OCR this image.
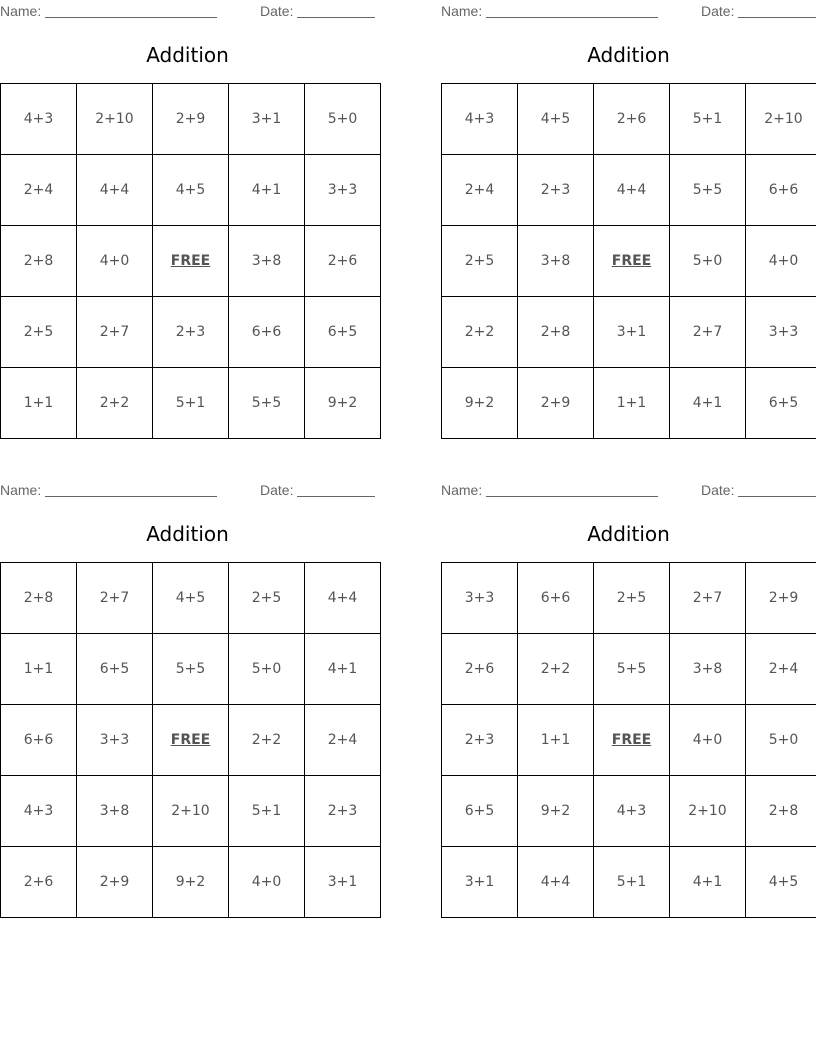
Name:	Date:
Addition
4+3	2+10	2+9	3+1	5+0
2+4	4+4	4+5	4+1	3+3
2+8	4+0	FREE	3+8	2+6
2+5	2+7	2+3	6+6	6+5
1+1	2+2	5+1	5+5	9+2
Name:	Date:
Addition
4+3	4+5	2+6	5+1	2+10
2+4	2+3	4+4	5+5	6+6
2+5	3+8	FREE	5+0	4+0
2+2	2+8	3+1	2+7	3+3
9+2	2+9	1+1	4+1	6+5
Name:	Date:
Addition
2+8	2+7	4+5	2+5	4+4
1+1	6+5	5+5	5+0	4+1
6+6	3+3	FREE	2+2	2+4
4+3	3+8	2+10	5+1	2+3
2+6	2+9	9+2	4+0	3+1
Name:	Date:
Addition
3+3	6+6	2+5	2+7	2+9
2+6	2+2	5+5	3+8	2+4
2+3	1+1	FREE	4+0	5+0
6+5	9+2	4+3	2+10	2+8
3+1	4+4	5+1	4+1	4+5
